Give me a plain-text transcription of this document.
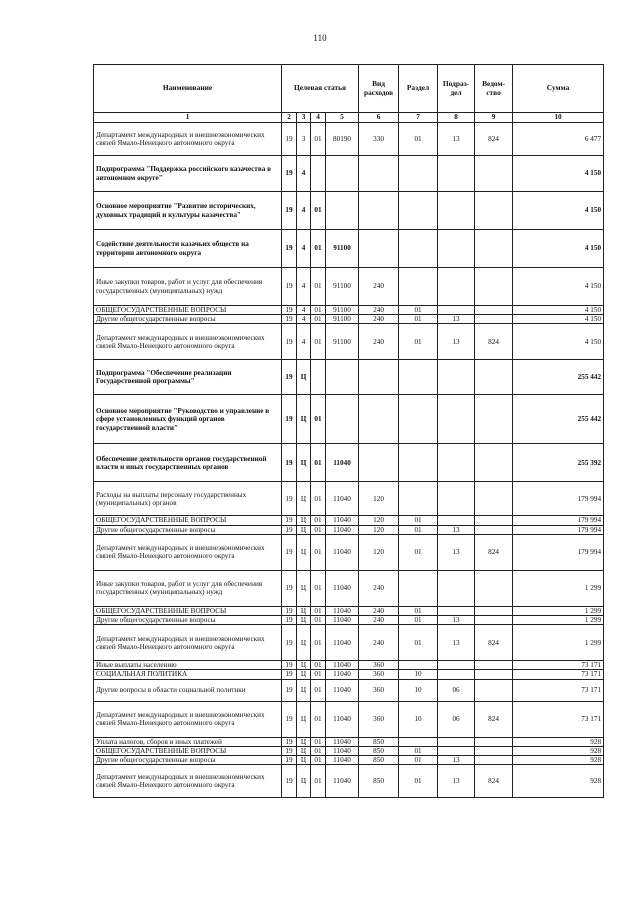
110
Наименование	Целевая статья				Вид расходов	Раздел	Подраз-дел	Ведом-ство	Сумма
1	2	3	4	5	6	7	8	9	10
Департамент международных и внешнеэкономических связей Ямало-Ненецкого автономного округа	19	3	01	80190	330	01	13	824	6 477
Подпрограмма "Поддержка российского казачества в автономном округе"	19	4							4 150
Основное мероприятие "Развитие исторических, духовных традиций и культуры казачества"	19	4	01						4 150
Содействие деятельности казачьих обществ на территории автономного округа	19	4	01	91100					4 150
Иные закупки товаров, работ и услуг для обеспечения государственных (муниципальных) нужд	19	4	01	91100	240				4 150
ОБЩЕГОСУДАРСТВЕННЫЕ ВОПРОСЫ	19	4	01	91100	240	01			4 150
Другие общегосударственные вопросы	19	4	01	91100	240	01	13		4 150
Департамент международных и внешнеэкономических связей Ямало-Ненецкого автономного округа	19	4	01	91100	240	01	13	824	4 150
Подпрограмма "Обеспечение реализации Государственной программы"	19	Ц							255 442
Основное мероприятие "Руководство и управление в сфере установленных функций органов государственной власти"	19	Ц	01						255 442
Обеспечение деятельности органов государственной власти и иных государственных органов	19	Ц	01	11040					255 392
Расходы на выплаты персоналу государственных (муниципальных) органов	19	Ц	01	11040	120				179 994
ОБЩЕГОСУДАРСТВЕННЫЕ ВОПРОСЫ	19	Ц	01	11040	120	01			179 994
Другие общегосударственные вопросы	19	Ц	01	11040	120	01	13		179 994
Департамент международных и внешнеэкономических связей Ямало-Ненецкого автономного округа	19	Ц	01	11040	120	01	13	824	179 994
Иные закупки товаров, работ и услуг для обеспечения государственных (муниципальных) нужд	19	Ц	01	11040	240				1 299
ОБЩЕГОСУДАРСТВЕННЫЕ ВОПРОСЫ	19	Ц	01	11040	240	01			1 299
Другие общегосударственные вопросы	19	Ц	01	11040	240	01	13		1 299
Департамент международных и внешнеэкономических связей Ямало-Ненецкого автономного округа	19	Ц	01	11040	240	01	13	824	1 299
Иные выплаты населению	19	Ц	01	11040	360				73 171
СОЦИАЛЬНАЯ ПОЛИТИКА	19	Ц	01	11040	360	10			73 171
Другие вопросы в области социальной политики	19	Ц	01	11040	360	10	06		73 171
Департамент международных и внешнеэкономических связей Ямало-Ненецкого автономного округа	19	Ц	01	11040	360	10	06	824	73 171
Уплата налогов, сборов и иных платежей	19	Ц	01	11040	850				928
ОБЩЕГОСУДАРСТВЕННЫЕ ВОПРОСЫ	19	Ц	01	11040	850	01			928
Другие общегосударственные вопросы	19	Ц	01	11040	850	01	13		928
Департамент международных и внешнеэкономических связей Ямало-Ненецкого автономного округа	19	Ц	01	11040	850	01	13	824	928
